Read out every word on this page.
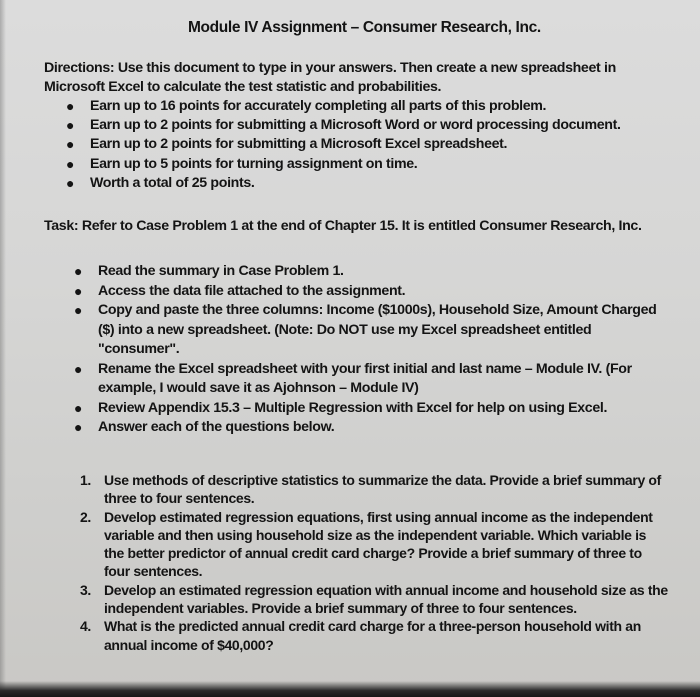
Module IV Assignment – Consumer Research, Inc.
Directions: Use this document to type in your answers. Then create a new spreadsheet in Microsoft Excel to calculate the test statistic and probabilities.
● Earn up to 16 points for accurately completing all parts of this problem.
● Earn up to 2 points for submitting a Microsoft Word or word processing document.
● Earn up to 2 points for submitting a Microsoft Excel spreadsheet.
● Earn up to 5 points for turning assignment on time.
● Worth a total of 25 points.
Task: Refer to Case Problem 1 at the end of Chapter 15. It is entitled Consumer Research, Inc.
● Read the summary in Case Problem 1.
● Access the data file attached to the assignment.
● Copy and paste the three columns: Income ($1000s), Household Size, Amount Charged ($) into a new spreadsheet. (Note: Do NOT use my Excel spreadsheet entitled "consumer".
● Rename the Excel spreadsheet with your first initial and last name – Module IV. (For example, I would save it as Ajohnson – Module IV)
● Review Appendix 15.3 – Multiple Regression with Excel for help on using Excel.
● Answer each of the questions below.
1. Use methods of descriptive statistics to summarize the data. Provide a brief summary of three to four sentences.
2. Develop estimated regression equations, first using annual income as the independent variable and then using household size as the independent variable. Which variable is the better predictor of annual credit card charge? Provide a brief summary of three to four sentences.
3. Develop an estimated regression equation with annual income and household size as the independent variables. Provide a brief summary of three to four sentences.
4. What is the predicted annual credit card charge for a three-person household with an annual income of $40,000?
